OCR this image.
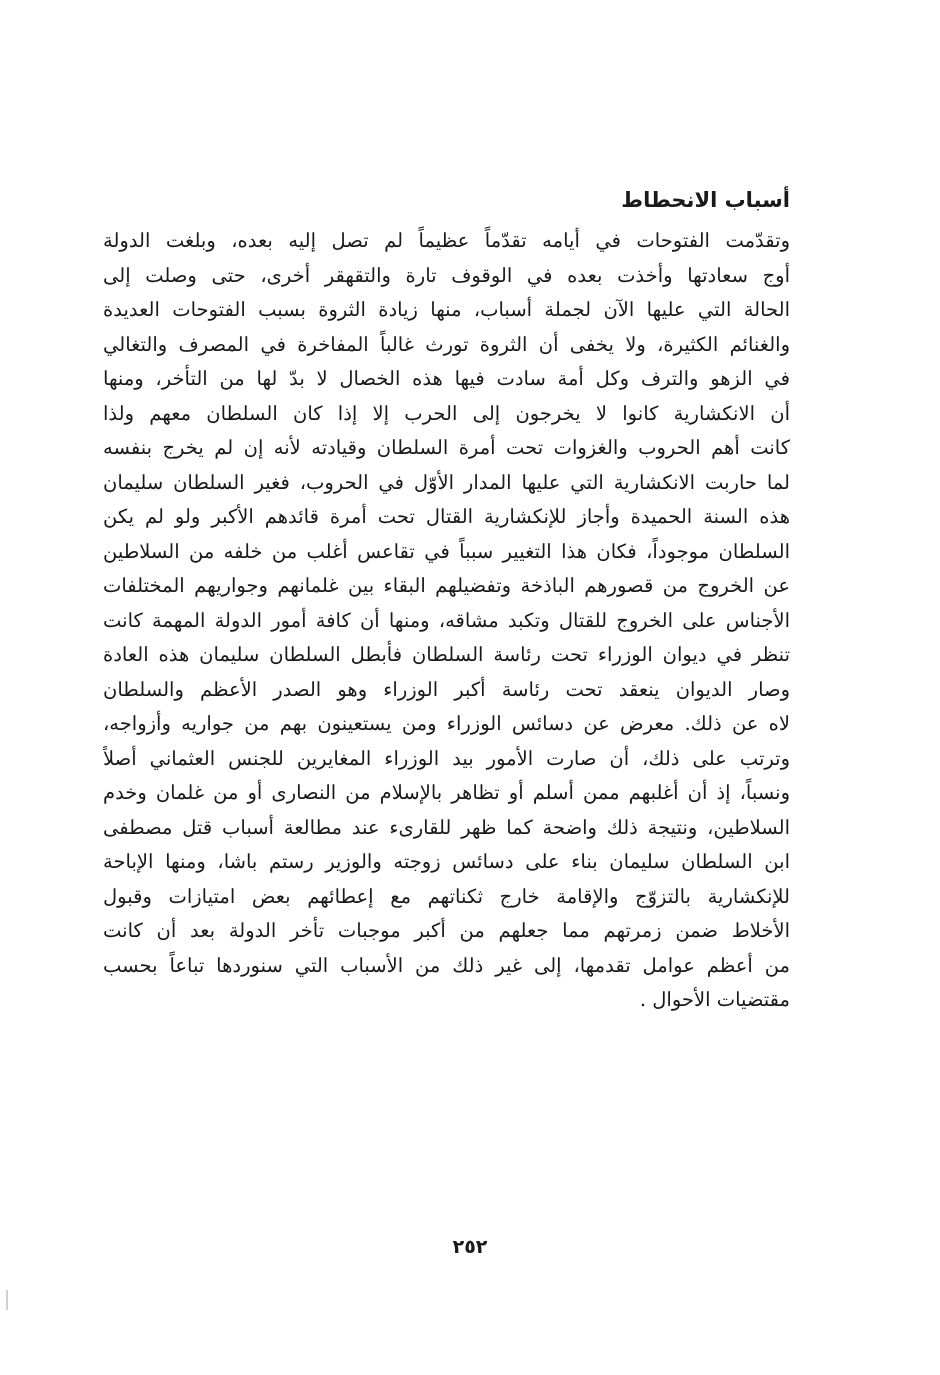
أسباب الانحطاط
وتقدّمت الفتوحات في أيامه تقدّماً عظيماً لم تصل إليه بعده، وبلغت الدولة
أوج سعادتها وأخذت بعده في الوقوف تارة والتقهقر أخرى، حتى وصلت إلى
الحالة التي عليها الآن لجملة أسباب، منها زيادة الثروة بسبب الفتوحات العديدة
والغنائم الكثيرة، ولا يخفى أن الثروة تورث غالباً المفاخرة في المصرف والتغالي
في الزهو والترف وكل أمة سادت فيها هذه الخصال لا بدّ لها من التأخر، ومنها
أن الانكشارية كانوا لا يخرجون إلى الحرب إلا إذا كان السلطان معهم ولذا
كانت أهم الحروب والغزوات تحت أمرة السلطان وقيادته لأنه إن لم يخرج بنفسه
لما حاربت الانكشارية التي عليها المدار الأوّل في الحروب، فغير السلطان سليمان
هذه السنة الحميدة وأجاز للإنكشارية القتال تحت أمرة قائدهم الأكبر ولو لم يكن
السلطان موجوداً، فكان هذا التغيير سبباً في تقاعس أغلب من خلفه من السلاطين
عن الخروج من قصورهم الباذخة وتفضيلهم البقاء بين غلمانهم وجواريهم المختلفات
الأجناس على الخروج للقتال وتكبد مشاقه، ومنها أن كافة أمور الدولة المهمة كانت
تنظر في ديوان الوزراء تحت رئاسة السلطان فأبطل السلطان سليمان هذه العادة
وصار الديوان ينعقد تحت رئاسة أكبر الوزراء وهو الصدر الأعظم والسلطان
لاه عن ذلك. معرض عن دسائس الوزراء ومن يستعينون بهم من جواريه وأزواجه،
وترتب على ذلك، أن صارت الأمور بيد الوزراء المغايرين للجنس العثماني أصلاً
ونسباً، إذ أن أغلبهم ممن أسلم أو تظاهر بالإسلام من النصارى أو من غلمان وخدم
السلاطين، ونتيجة ذلك واضحة كما ظهر للقارىء عند مطالعة أسباب قتل مصطفى
ابن السلطان سليمان بناء على دسائس زوجته والوزير رستم باشا، ومنها الإباحة
للإنكشارية بالتزوّج والإقامة خارج ثكناتهم مع إعطائهم بعض امتيازات وقبول
الأخلاط ضمن زمرتهم مما جعلهم من أكبر موجبات تأخر الدولة بعد أن كانت
من أعظم عوامل تقدمها، إلى غير ذلك من الأسباب التي سنوردها تباعاً بحسب
مقتضيات الأحوال .
٢٥٢
